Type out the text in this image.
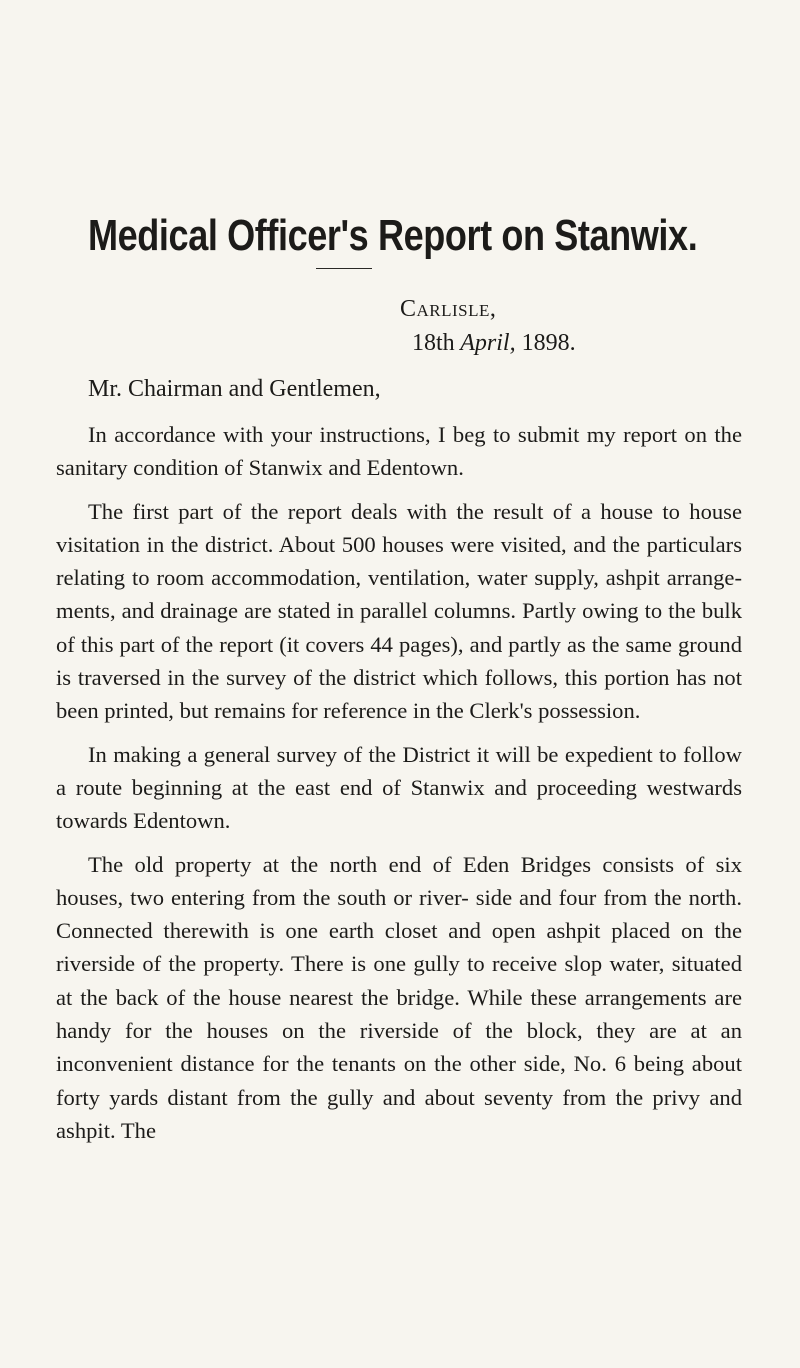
Medical Officer's Report on Stanwix.
Carlisle,
18th April, 1898.
Mr. Chairman and Gentlemen,

In accordance with your instructions, I beg to submit my report on the sanitary condition of Stanwix and Edentown.

The first part of the report deals with the result of a house to house visitation in the district. About 500 houses were visited, and the particulars relating to room accommodation, ventilation, water supply, ashpit arrange- ments, and drainage are stated in parallel columns. Partly owing to the bulk of this part of the report (it covers 44 pages), and partly as the same ground is traversed in the survey of the district which follows, this portion has not been printed, but remains for reference in the Clerk's possession.

In making a general survey of the District it will be expedient to follow a route beginning at the east end of Stanwix and proceeding westwards towards Edentown.

The old property at the north end of Eden Bridges consists of six houses, two entering from the south or river- side and four from the north. Connected therewith is one earth closet and open ashpit placed on the riverside of the property. There is one gully to receive slop water, situated at the back of the house nearest the bridge. While these arrangements are handy for the houses on the riverside of the block, they are at an inconvenient distance for the tenants on the other side, No. 6 being about forty yards distant from the gully and about seventy from the privy and ashpit. The
